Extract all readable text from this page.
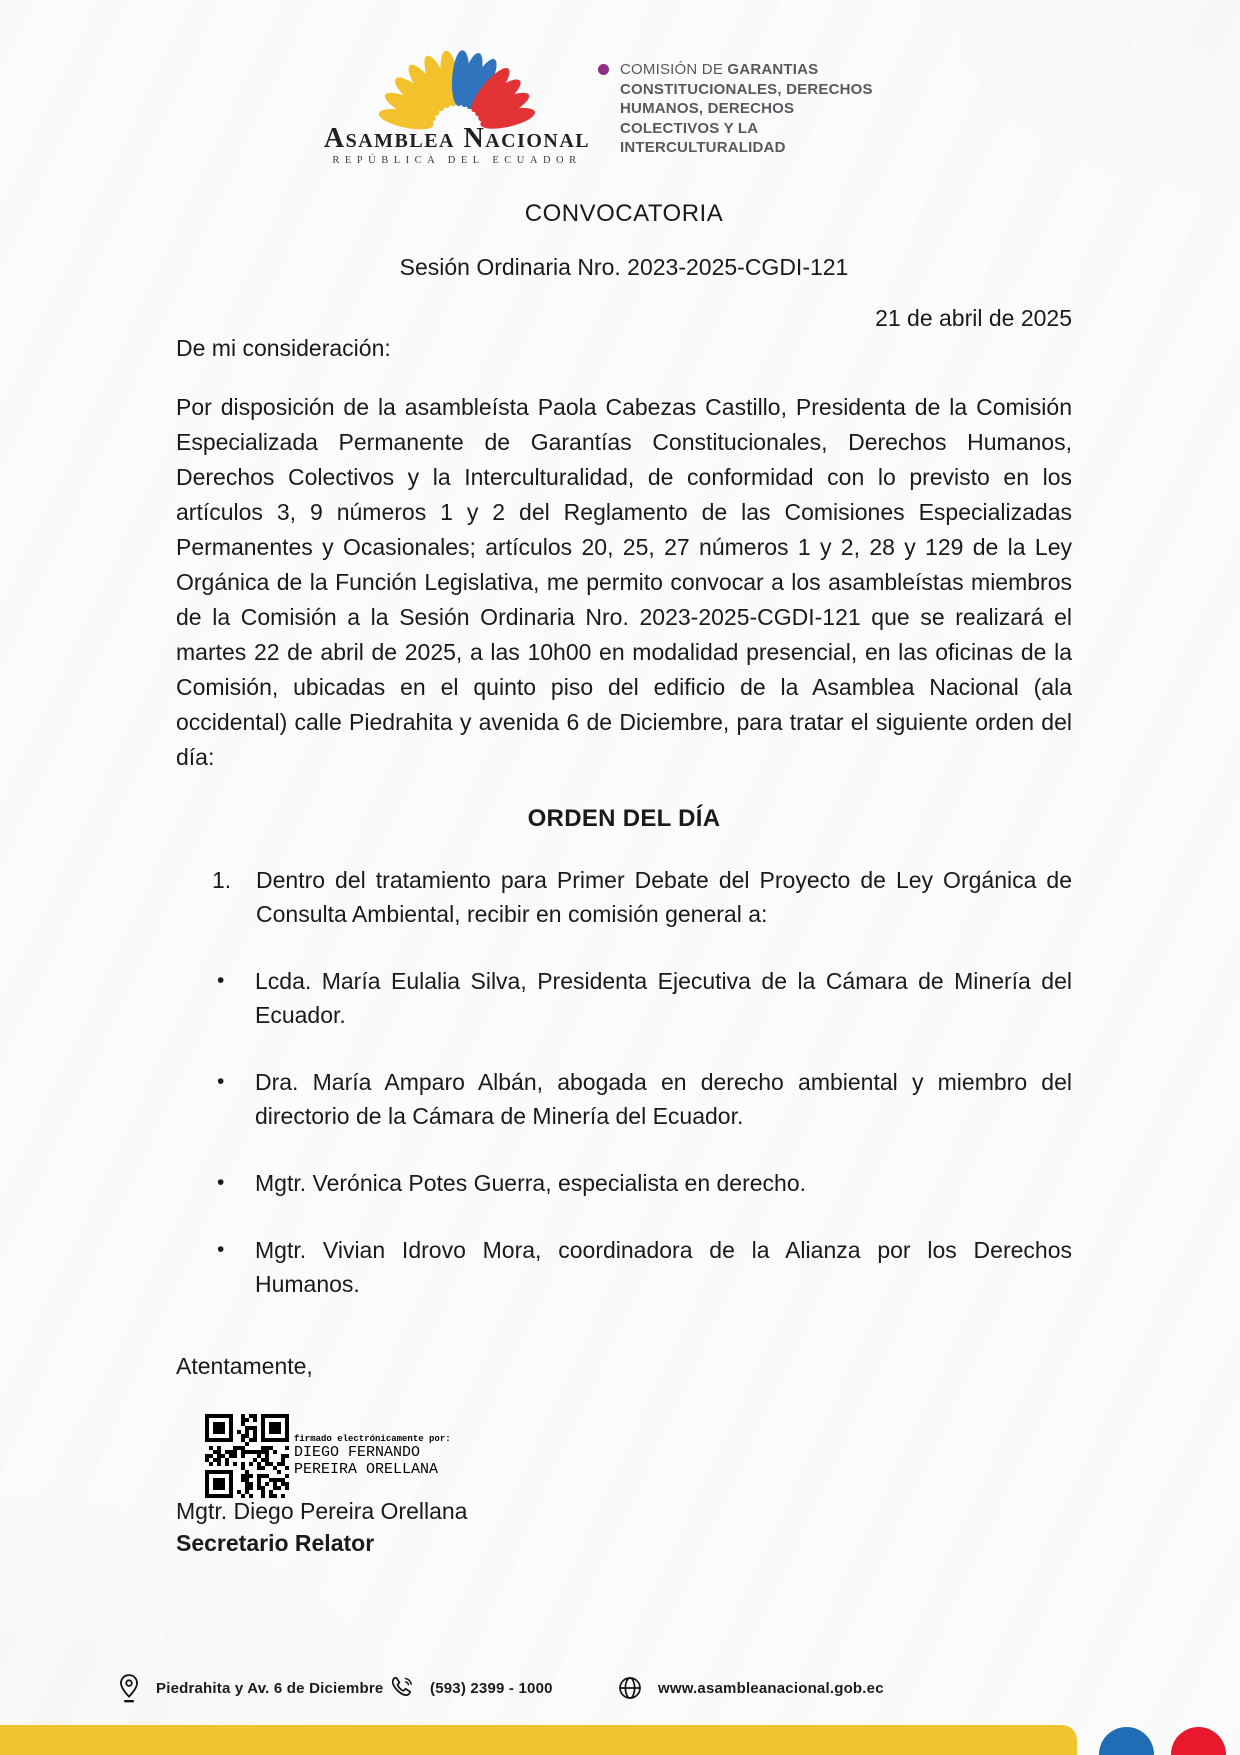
Asamblea Nacional
REPÚBLICA DEL ECUADOR
COMISIÓN DE GARANTIAS CONSTITUCIONALES, DERECHOS HUMANOS, DERECHOS COLECTIVOS Y LA INTERCULTURALIDAD
CONVOCATORIA
Sesión Ordinaria Nro. 2023-2025-CGDI-121
21 de abril de 2025
De mi consideración:
Por disposición de la asambleísta Paola Cabezas Castillo, Presidenta de la Comisión Especializada Permanente de Garantías Constitucionales, Derechos Humanos, Derechos Colectivos y la Interculturalidad, de conformidad con lo previsto en los artículos 3, 9 números 1 y 2 del Reglamento de las Comisiones Especializadas Permanentes y Ocasionales; artículos 20, 25, 27 números 1 y 2, 28 y 129 de la Ley Orgánica de la Función Legislativa, me permito convocar a los asambleístas miembros de la Comisión a la Sesión Ordinaria Nro. 2023-2025-CGDI-121 que se realizará el martes 22 de abril de 2025, a las 10h00 en modalidad presencial, en las oficinas de la Comisión, ubicadas en el quinto piso del edificio de la Asamblea Nacional (ala occidental) calle Piedrahita y avenida 6 de Diciembre, para tratar el siguiente orden del día:
ORDEN DEL DÍA
1.	Dentro del tratamiento para Primer Debate del Proyecto de Ley Orgánica de Consulta Ambiental, recibir en comisión general a:
•	Lcda. María Eulalia Silva, Presidenta Ejecutiva de la Cámara de Minería del Ecuador.
•	Dra. María Amparo Albán, abogada en derecho ambiental y miembro del directorio de la Cámara de Minería del Ecuador.
•	Mgtr. Verónica Potes Guerra, especialista en derecho.
•	Mgtr. Vivian Idrovo Mora, coordinadora de la Alianza por los Derechos Humanos.
Atentamente,
firmado electrónicamente por:
DIEGO FERNANDO
PEREIRA ORELLANA
Mgtr. Diego Pereira Orellana
Secretario Relator
Piedrahita y Av. 6 de Diciembre	(593) 2399 - 1000	www.asambleanacional.gob.ec
